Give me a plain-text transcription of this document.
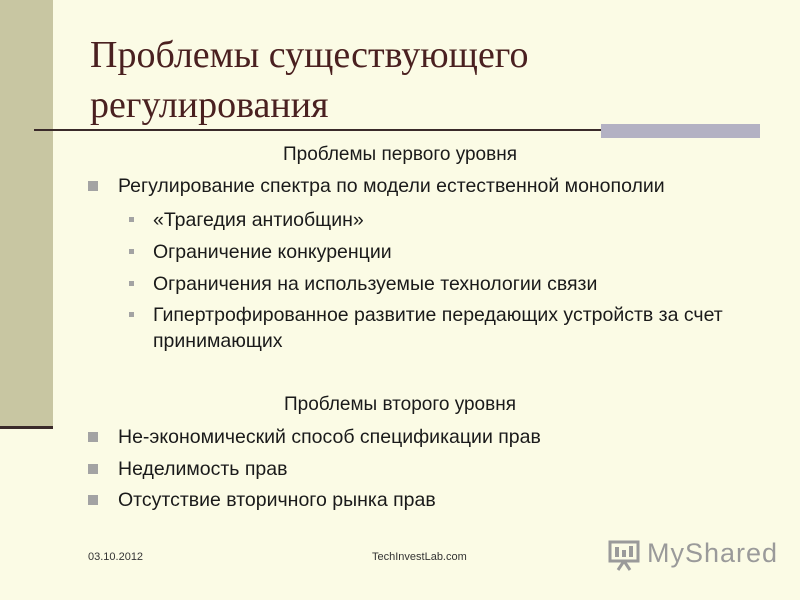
Проблемы существующего регулирования
Проблемы первого уровня
Регулирование спектра по модели естественной монополии
«Трагедия антиобщин»
Ограничение конкуренции
Ограничения на используемые технологии связи
Гипертрофированное развитие передающих устройств за счет принимающих
Проблемы второго уровня
Не-экономический способ спецификации прав
Неделимость прав
Отсутствие вторичного рынка прав
03.10.2012	TechInvestLab.com	MyShared
